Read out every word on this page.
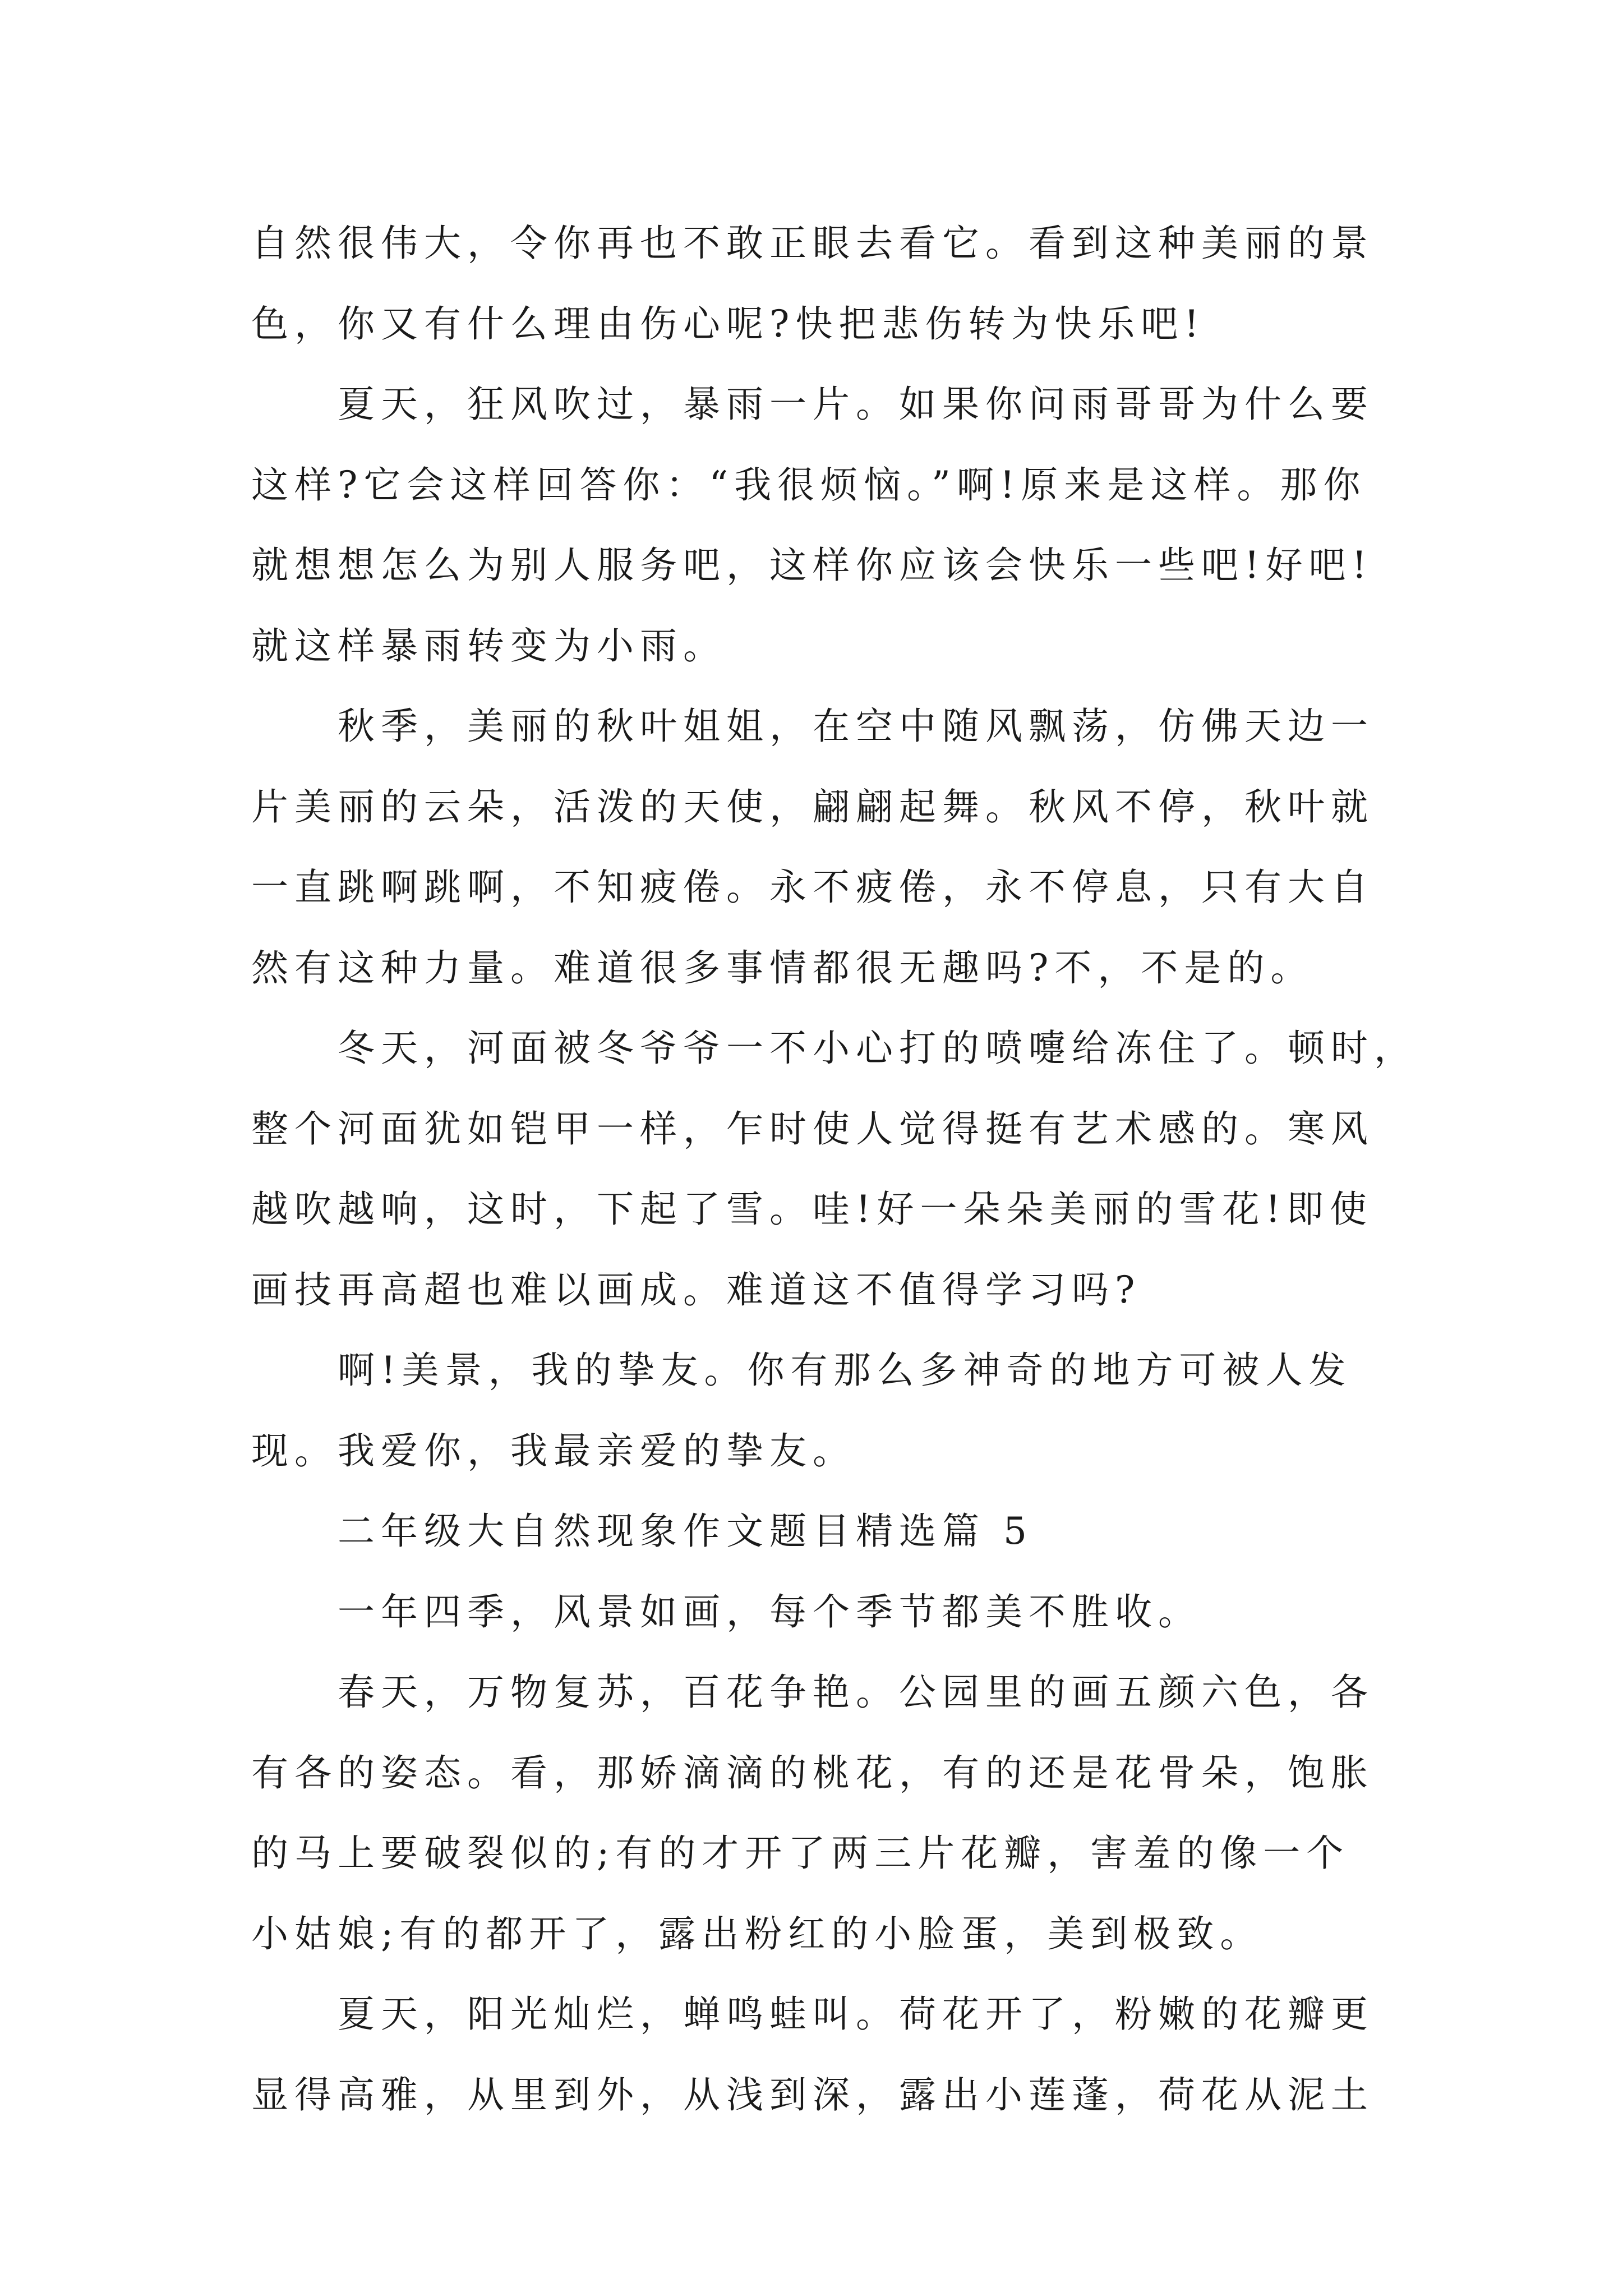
自然很伟大，令你再也不敢正眼去看它。看到这种美丽的景
色，你又有什么理由伤心呢?快把悲伤转为快乐吧!
夏天，狂风吹过，暴雨一片。如果你问雨哥哥为什么要
这样?它会这样回答你：“我很烦恼。”啊!原来是这样。那你
就想想怎么为别人服务吧，这样你应该会快乐一些吧!好吧!
就这样暴雨转变为小雨。
秋季，美丽的秋叶姐姐，在空中随风飘荡，仿佛天边一
片美丽的云朵，活泼的天使，翩翩起舞。秋风不停，秋叶就
一直跳啊跳啊，不知疲倦。永不疲倦，永不停息，只有大自
然有这种力量。难道很多事情都很无趣吗?不，不是的。
冬天，河面被冬爷爷一不小心打的喷嚏给冻住了。顿时，
整个河面犹如铠甲一样，乍时使人觉得挺有艺术感的。寒风
越吹越响，这时，下起了雪。哇!好一朵朵美丽的雪花!即使
画技再高超也难以画成。难道这不值得学习吗?
啊!美景，我的挚友。你有那么多神奇的地方可被人发
现。我爱你，我最亲爱的挚友。
二年级大自然现象作文题目精选篇 5
一年四季，风景如画，每个季节都美不胜收。
春天，万物复苏，百花争艳。公园里的画五颜六色，各
有各的姿态。看，那娇滴滴的桃花，有的还是花骨朵，饱胀
的马上要破裂似的;有的才开了两三片花瓣，害羞的像一个
小姑娘;有的都开了，露出粉红的小脸蛋，美到极致。
夏天，阳光灿烂，蝉鸣蛙叫。荷花开了，粉嫩的花瓣更
显得高雅，从里到外，从浅到深，露出小莲蓬，荷花从泥土
